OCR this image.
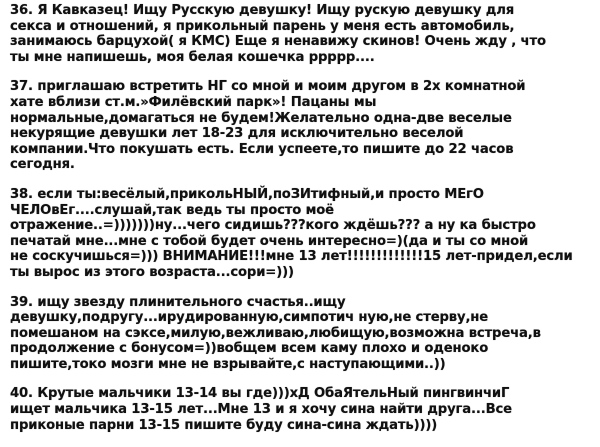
36. Я Кавказец! Ищу Русскую девушку! Ищу рускую девушку для
секса и отношений, я прикольный парень у меня есть автомобиль,
занимаюсь барцухой( я КМС) Еще я ненавижу скинов! Очень жду , что
ты мне напишешь, моя белая кошечка ррррр....
37. приглашаю встретить НГ со мной и моим другом в 2х комнатной
хате вблизи ст.м.»Филёвский парк»! Пацаны мы
нормальные,домагаться не будем!Желательно одна-две веселые
некурящие девушки лет 18-23 для исключительно веселой
компании.Что покушать есть. Если успеете,то пишите до 22 часов
сегодня.
38. если ты:весёлый,прикольНЫЙ,поЗИтифный,и просто МЕгО
ЧЕЛОвЕг....слушай,так ведь ты просто моё
отражение..=)))))))ну...чего сидишь???кого ждёшь??? а ну ка быстро
печатай мне...мне с тобой будет очень интересно=)(да и ты со мной
не соскучишься=))) ВНИМАНИЕ!!!мне 13 лет!!!!!!!!!!!!!15 лет-придел,если
ты вырос из этого возраста...сори=)))
39. ищу звезду плинительного счастья..ищу
девушку,подругу...ирудированную,симпотич ную,не стерву,не
помешаном на сэксе,милую,вежливаю,любищую,возможна встреча,в
продолжение с бонусом=))вобщем всем каму плохо и оденоко
пишите,токо мозги мне не взрывайте,с наступающими..))
40. Крутые мальчики 13-14 вы где)))хД ОбаЯтельНый пингвинчиГ
ищет мальчика 13-15 лет...Мне 13 и я хочу сина найти друга...Все
приконые парни 13-15 пишите буду сина-сина ждать))))
